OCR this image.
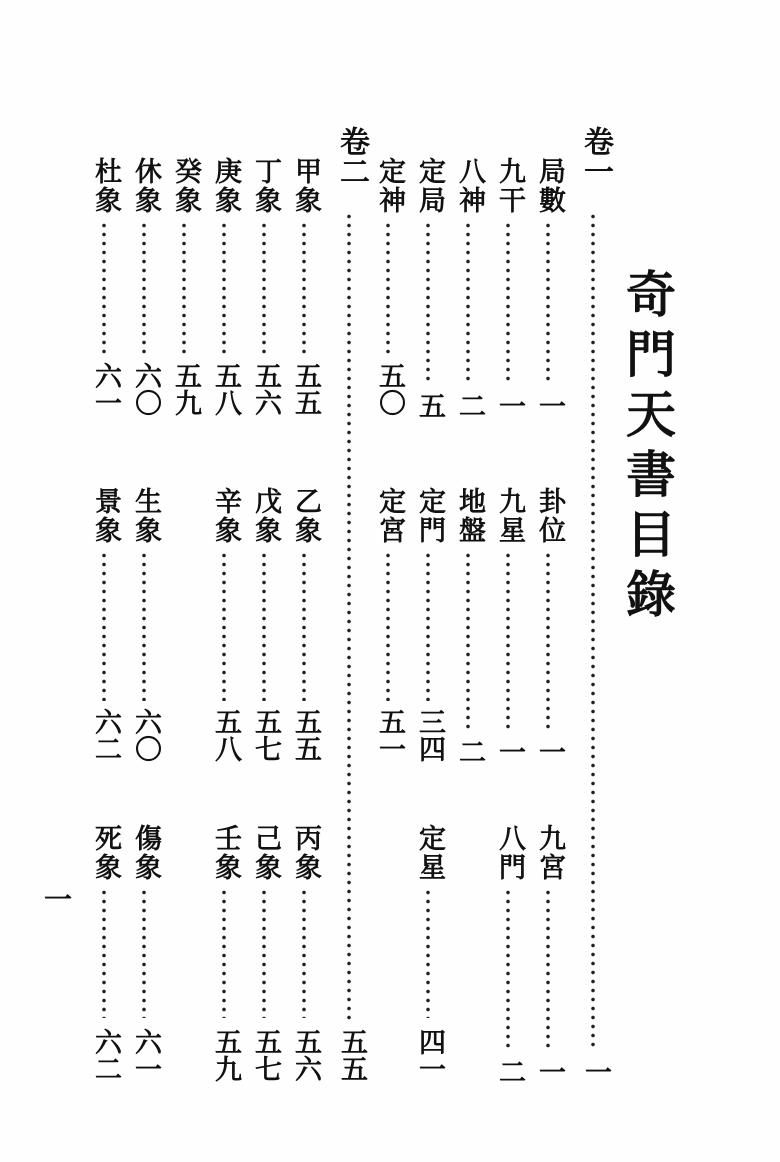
奇門天書目錄
卷一
一
局數
一
卦位
一
九宮
一
九干
一
九星
一
八門
二
八神
二
地盤
二
定局
五
定門
三四
定星
四一
定神
五〇
定宮
五一
卷二
五五
甲象
五五
乙象
五五
丙象
五六
丁象
五六
戊象
五七
己象
五七
庚象
五八
辛象
五八
壬象
五九
癸象
五九
休象
六〇
生象
六〇
傷象
六一
杜象
六一
景象
六二
死象
六二
一
